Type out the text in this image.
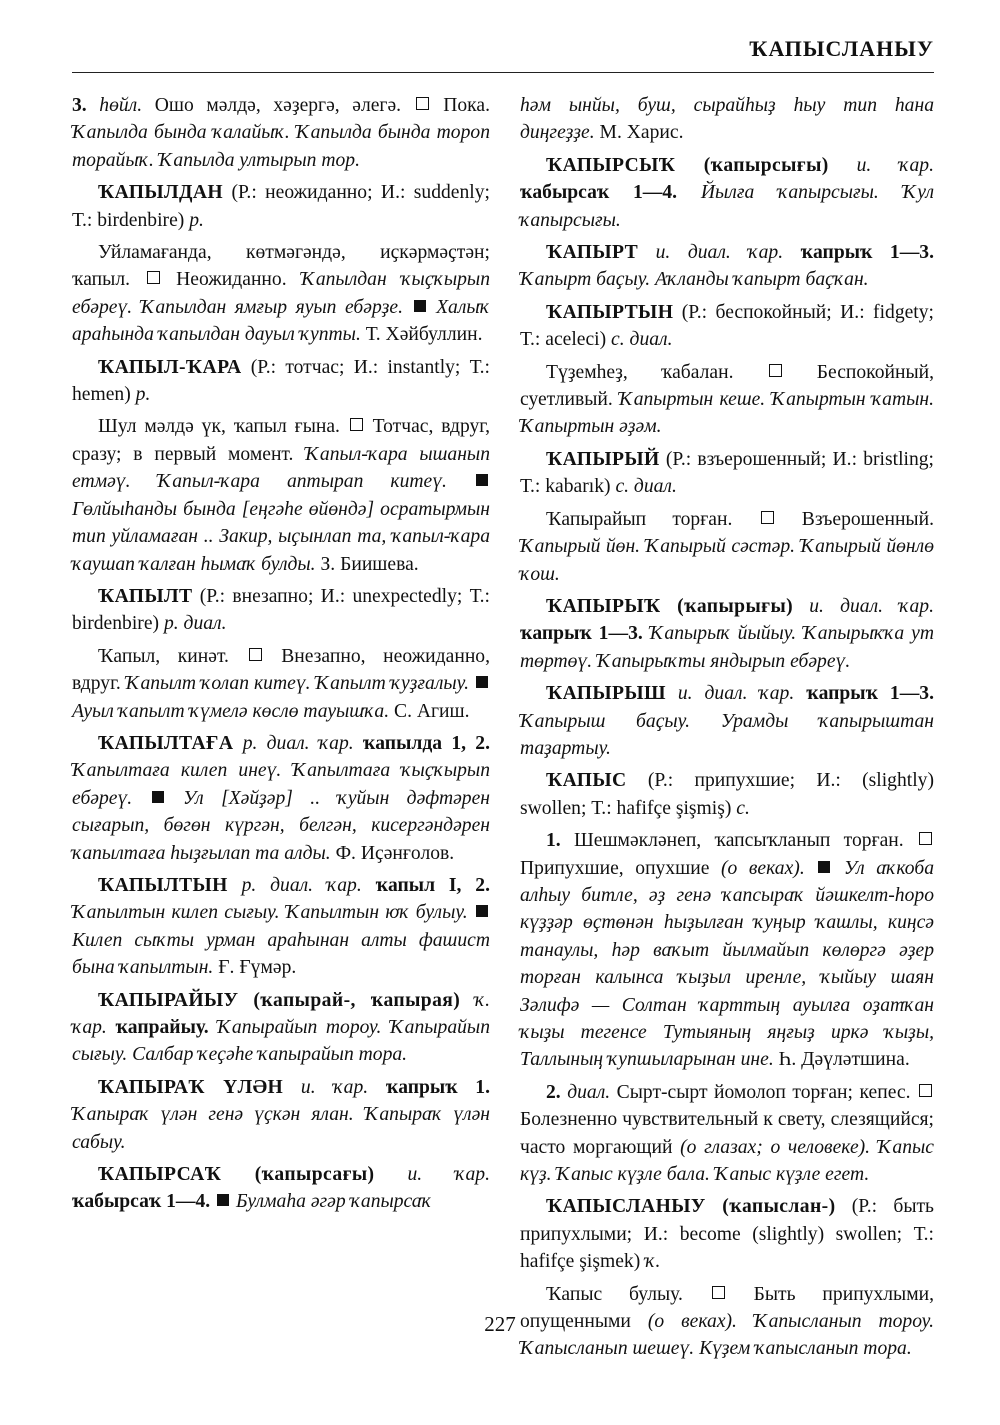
ҠАПЫСЛАНЫУ

3. һөйл. Ошо мәлдә, хәҙергә, әлегә.  Пока. Ҡапылда бында ҡалайыҡ. Ҡапылда бында тороп торайыҡ. Ҡапылда ултырып тор.

ҠАПЫЛДАН (Р.: неожиданно; И.: suddenly; Т.: birdenbire) р.

Уйламағанда, көтмәгәндә, иҫкәрмәҫтән; ҡапыл.  Неожиданно. Ҡапылдан ҡыҫҡырып ебәреү. Ҡапылдан ямғыр яуып ебәрҙе.  Халыҡ араһында ҡапылдан дауыл ҡупты. Т. Хәйбуллин.

ҠАПЫЛ-ҠАРА (Р.: тотчас; И.: instantly; Т.: hemen) р.

Шул мәлдә үк, ҡапыл ғына.  Тотчас, вдруг, сразу; в первый момент. Ҡапыл-ҡара ышанып етмәү. Ҡапыл-ҡара аптырап китеү.  Гөлйыһанды бында [еңгәһе өйөндә] осратырмын тип уйламаған .. Закир, ыҫынлап та, ҡапыл-ҡара ҡаушап ҡалған һымаҡ булды. З. Биишева.

ҠАПЫЛТ (Р.: внезапно; И.: unexpectedly; Т.: birdenbire) р. диал.

Ҡапыл, кинәт.  Внезапно, неожиданно, вдруг. Ҡапылт ҡолап китеү. Ҡапылт ҡуҙғалыу.  Ауыл ҡапылт ҡүмелә көслө тауышҡа. С. Агиш.

ҠАПЫЛТАҒА р. диал. ҡар. ҡапылда 1, 2. Ҡапылтаға килеп инеү. Ҡапылтаға ҡыҫҡырып ебәреү.  Ул [Хәйҙәр] .. ҡуйын дәфтәрен сығарып, бөгөн күргән, белгән, кисергәндәрен ҡапылтаға һыҙғылап та алды. Ф. Иҫәнғолов.

ҠАПЫЛТЫН р. диал. ҡар. ҡапыл I, 2. Ҡапылтын килеп сығыу. Ҡапылтын юҡ булыу.  Килеп сыҡты урман араһынан алты фашист бына ҡапылтын. Ғ. Ғүмәр.

ҠАПЫРАЙЫУ (ҡапырай-, ҡапырая) ҡ. ҡар. ҡапрайыу. Ҡапырайып тороу. Ҡапырайып сығыу. Салбар ҡеҫәһе ҡапырайып тора.

ҠАПЫРАҠ ҮЛӘН и. ҡар. ҡапрыҡ 1. Ҡапыраҡ үлән генә үҫкән ялан. Ҡапыраҡ үлән сабыу.

ҠАПЫРСАҠ (ҡапырсағы) и. ҡар. ҡабырсаҡ 1—4.  Булмаһа әгәр ҡапырсаҡ

һәм ынйы, буш, сырайһыҙ һыу тип һана диңгеҙҙе. М. Харис.

ҠАПЫРСЫҠ (ҡапырсығы) и. ҡар. ҡабырсаҡ 1—4. Йылға ҡапырсығы. Ҡул ҡапырсығы.

ҠАПЫРТ и. диал. ҡар. ҡапрыҡ 1—3. Ҡапырт баҫыу. Аҡланды ҡапырт баҫҡан.

ҠАПЫРТЫН (Р.: беспокойный; И.: fidgety; Т.: aceleci) с. диал.

Түҙемһеҙ, ҡабалан.  Беспокойный, суетливый. Ҡапыртын кеше. Ҡапыртын ҡатын. Ҡапыртын әҙәм.

ҠАПЫРЫЙ (Р.: взъерошенный; И.: bristling; Т.: kabarık) с. диал.

Ҡапырайып торған.  Взъерошенный. Ҡапырый йөн. Ҡапырый сәстәр. Ҡапырый йөнлө ҡош.

ҠАПЫРЫҠ (ҡапырығы) и. диал. ҡар. ҡапрыҡ 1—3. Ҡапырыҡ йыйыу. Ҡапырыҡҡа ут төртөү. Ҡапырыҡты яндырып ебәреү.

ҠАПЫРЫШ и. диал. ҡар. ҡапрыҡ 1—3. Ҡапырыш баҫыу. Урамды ҡапырыштан таҙартыу.

ҠАПЫС (Р.: припухшие; И.: (slightly) swollen; Т.: hafifçe şişmiş) с.

1. Шешмәкләнеп, ҡапсыҡланып торған.  Припухшие, опухшие (о веках).  Ул аҡкоба алһыу битле, әҙ генә ҡапсыраҡ йәшкелт-һоро күҙҙәр өҫтөнән һыҙылған ҡуңыр ҡашлы, киңсә танаулы, һәр ваҡыт йылмайып көлөргә әҙер торған калынса ҡыҙыл иренле, ҡыйыу шаян Зәлифә — Солтан ҡарттың ауылға оҙатҡан ҡыҙы тегенсе Тутыяның яңғыҙ иркә ҡыҙы, Таллының ҡупшыларынан ине. Һ. Дәүләтшина.

2. диал. Сырт-сырт йомолоп торған; кепес.  Болезненно чувствительный к свету, слезящийся; часто моргающий (о глазах; о человеке). Ҡапыс күҙ. Ҡапыс күҙле бала. Ҡапыс күҙле егет.

ҠАПЫСЛАНЫУ (ҡапыслан-) (Р.: быть припухлыми; И.: become (slightly) swollen; Т.: hafifçe şişmek) ҡ.

Ҡапыс булыу.  Быть припухлыми, опущенными (о веках). Ҡапысланып тороу. Ҡапысланып шешеү. Күҙем ҡапысланып тора.

227
